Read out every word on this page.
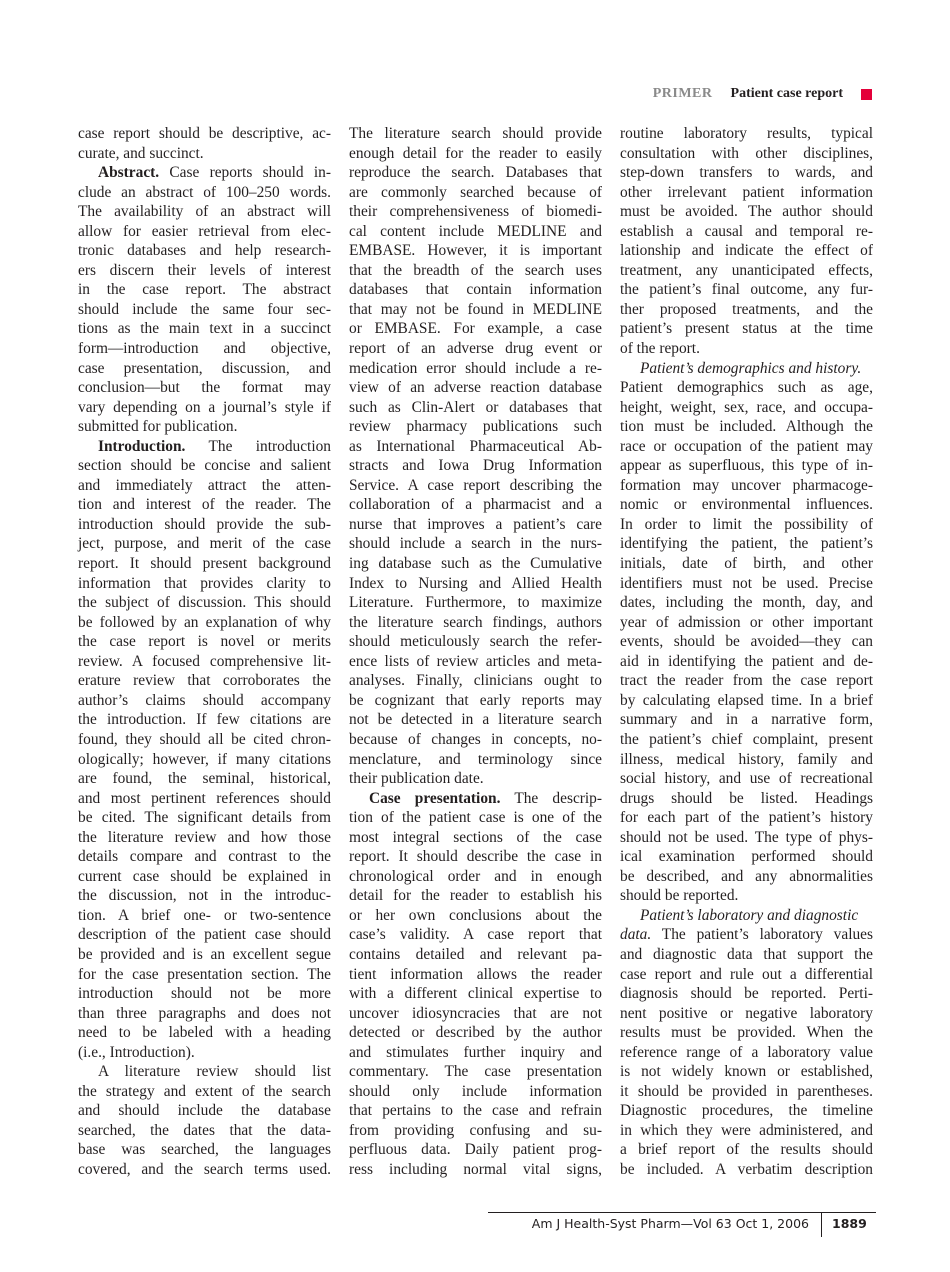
PRIMER Patient case report
case report should be descriptive, ac-
curate, and succinct.
Abstract. Case reports should in-
clude an abstract of 100–250 words.
The availability of an abstract will
allow for easier retrieval from elec-
tronic databases and help research-
ers discern their levels of interest
in the case report. The abstract
should include the same four sec-
tions as the main text in a succinct
form—introduction and objective,
case presentation, discussion, and
conclusion—but the format may
vary depending on a journal’s style if
submitted for publication.
Introduction. The introduction
section should be concise and salient
and immediately attract the atten-
tion and interest of the reader. The
introduction should provide the sub-
ject, purpose, and merit of the case
report. It should present background
information that provides clarity to
the subject of discussion. This should
be followed by an explanation of why
the case report is novel or merits
review. A focused comprehensive lit-
erature review that corroborates the
author’s claims should accompany
the introduction. If few citations are
found, they should all be cited chron-
ologically; however, if many citations
are found, the seminal, historical,
and most pertinent references should
be cited. The significant details from
the literature review and how those
details compare and contrast to the
current case should be explained in
the discussion, not in the introduc-
tion. A brief one- or two-sentence
description of the patient case should
be provided and is an excellent segue
for the case presentation section. The
introduction should not be more
than three paragraphs and does not
need to be labeled with a heading
(i.e., Introduction).
A literature review should list
the strategy and extent of the search
and should include the database
searched, the dates that the data-
base was searched, the languages
covered, and the search terms used.
The literature search should provide
enough detail for the reader to easily
reproduce the search. Databases that
are commonly searched because of
their comprehensiveness of biomedi-
cal content include MEDLINE and
EMBASE. However, it is important
that the breadth of the search uses
databases that contain information
that may not be found in MEDLINE
or EMBASE. For example, a case
report of an adverse drug event or
medication error should include a re-
view of an adverse reaction database
such as Clin-Alert or databases that
review pharmacy publications such
as International Pharmaceutical Ab-
stracts and Iowa Drug Information
Service. A case report describing the
collaboration of a pharmacist and a
nurse that improves a patient’s care
should include a search in the nurs-
ing database such as the Cumulative
Index to Nursing and Allied Health
Literature. Furthermore, to maximize
the literature search findings, authors
should meticulously search the refer-
ence lists of review articles and meta-
analyses. Finally, clinicians ought to
be cognizant that early reports may
not be detected in a literature search
because of changes in concepts, no-
menclature, and terminology since
their publication date.
Case presentation. The descrip-
tion of the patient case is one of the
most integral sections of the case
report. It should describe the case in
chronological order and in enough
detail for the reader to establish his
or her own conclusions about the
case’s validity. A case report that
contains detailed and relevant pa-
tient information allows the reader
with a different clinical expertise to
uncover idiosyncracies that are not
detected or described by the author
and stimulates further inquiry and
commentary. The case presentation
should only include information
that pertains to the case and refrain
from providing confusing and su-
perfluous data. Daily patient prog-
ress including normal vital signs,
routine laboratory results, typical
consultation with other disciplines,
step-down transfers to wards, and
other irrelevant patient information
must be avoided. The author should
establish a causal and temporal re-
lationship and indicate the effect of
treatment, any unanticipated effects,
the patient’s final outcome, any fur-
ther proposed treatments, and the
patient’s present status at the time
of the report.
Patient’s demographics and history.
Patient demographics such as age,
height, weight, sex, race, and occupa-
tion must be included. Although the
race or occupation of the patient may
appear as superfluous, this type of in-
formation may uncover pharmacoge-
nomic or environmental influences.
In order to limit the possibility of
identifying the patient, the patient’s
initials, date of birth, and other
identifiers must not be used. Precise
dates, including the month, day, and
year of admission or other important
events, should be avoided—they can
aid in identifying the patient and de-
tract the reader from the case report
by calculating elapsed time. In a brief
summary and in a narrative form,
the patient’s chief complaint, present
illness, medical history, family and
social history, and use of recreational
drugs should be listed. Headings
for each part of the patient’s history
should not be used. The type of phys-
ical examination performed should
be described, and any abnormalities
should be reported.
Patient’s laboratory and diagnostic
data. The patient’s laboratory values
and diagnostic data that support the
case report and rule out a differential
diagnosis should be reported. Perti-
nent positive or negative laboratory
results must be provided. When the
reference range of a laboratory value
is not widely known or established,
it should be provided in parentheses.
Diagnostic procedures, the timeline
in which they were administered, and
a brief report of the results should
be included. A verbatim description
Am J Health-Syst Pharm—Vol 63 Oct 1, 2006 1889
